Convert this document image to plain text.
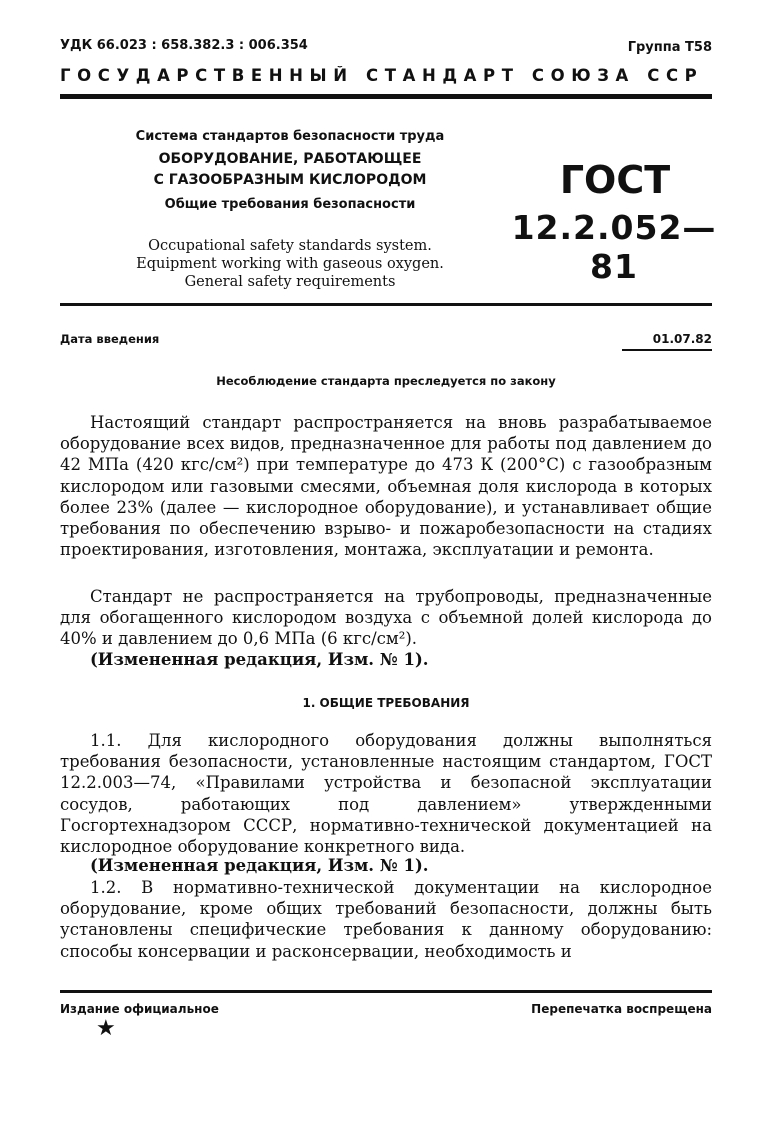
УДК 66.023 : 658.382.3 : 006.354	Группа Т58
ГОСУДАРСТВЕННЫЙ СТАНДАРТ СОЮЗА ССР
Система стандартов безопасности труда
ОБОРУДОВАНИЕ, РАБОТАЮЩЕЕ
С ГАЗООБРАЗНЫМ КИСЛОРОДОМ
Общие требования безопасности
Occupational safety standards system.
Equipment working with gaseous oxygen.
General safety requirements
ГОСТ
12.2.052—81
Дата введения	01.07.82
Несоблюдение стандарта преследуется по закону
Настоящий стандарт распространяется на вновь разрабатываемое оборудование всех видов, предназначенное для работы под давлением до 42 МПа (420 кгс/см²) при температуре до 473 К (200°С) с газообразным кислородом или газовыми смесями, объемная доля кислорода в которых более 23% (далее — кислородное оборудование), и устанавливает общие требования по обеспечению взрыво- и пожаробезопасности на стадиях проектирования, изготовления, монтажа, эксплуатации и ремонта.
Стандарт не распространяется на трубопроводы, предназначенные для обогащенного кислородом воздуха с объемной долей кислорода до 40% и давлением до 0,6 МПа (6 кгс/см²).
(Измененная редакция, Изм. № 1).
1. ОБЩИЕ ТРЕБОВАНИЯ
1.1. Для кислородного оборудования должны выполняться требования безопасности, установленные настоящим стандартом, ГОСТ 12.2.003—74, «Правилами устройства и безопасной эксплуатации сосудов, работающих под давлением» утвержденными Госгортехнадзором СССР, нормативно-технической документацией на кислородное оборудование конкретного вида.
(Измененная редакция, Изм. № 1).
1.2. В нормативно-технической документации на кислородное оборудование, кроме общих требований безопасности, должны быть установлены специфические требования к данному оборудованию: способы консервации и расконсервации, необходимость и
Издание официальное	Перепечатка воспрещена
★
